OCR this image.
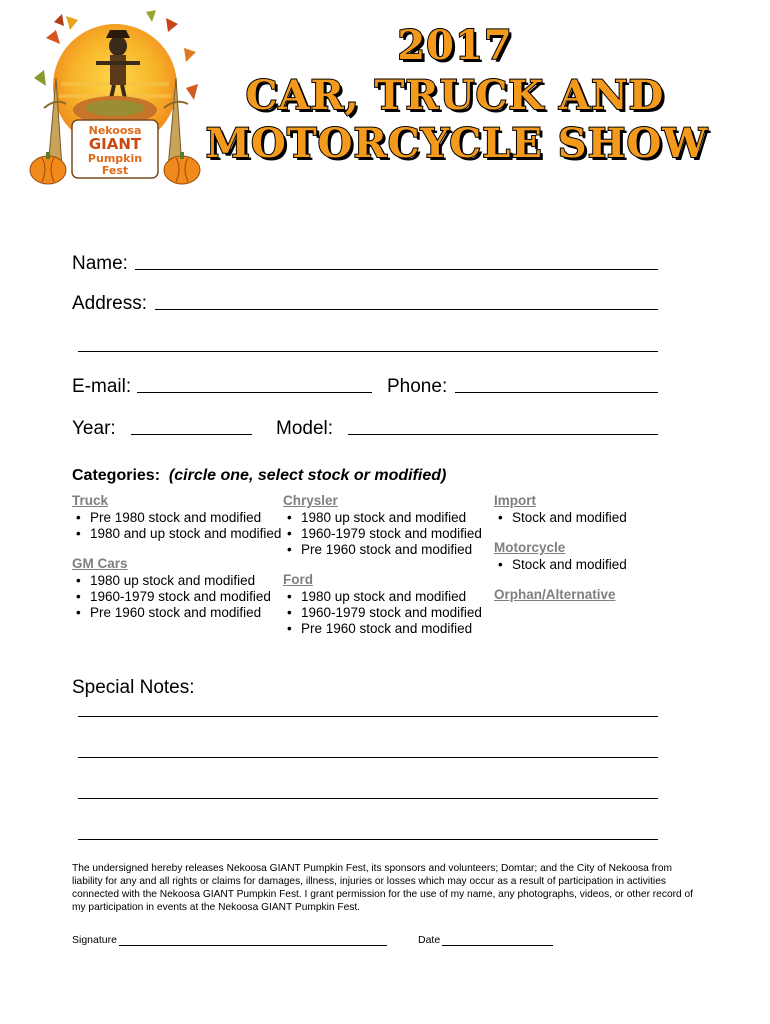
Nekoosa
GIANT
Pumpkin
Fest
2017
CAR, TRUCK AND
MOTORCYCLE SHOW
Name:
Address:
E-mail:	Phone:
Year:	Model:
Categories: (circle one, select stock or modified)
Truck
• Pre 1980 stock and modified
• 1980 and up stock and modified
GM Cars
• 1980 up stock and modified
• 1960-1979 stock and modified
• Pre 1960 stock and modified
Chrysler
• 1980 up stock and modified
• 1960-1979 stock and modified
• Pre 1960 stock and modified
Ford
• 1980 up stock and modified
• 1960-1979 stock and modified
• Pre 1960 stock and modified
Import
• Stock and modified
Motorcycle
• Stock and modified
Orphan/Alternative
Special Notes:
The undersigned hereby releases Nekoosa GIANT Pumpkin Fest, its sponsors and volunteers; Domtar; and the City of Nekoosa from liability for any and all rights or claims for damages, illness, injuries or losses which may occur as a result of participation in activities connected with the Nekoosa GIANT Pumpkin Fest. I grant permission for the use of my name, any photographs, videos, or other record of my participation in events at the Nekoosa GIANT Pumpkin Fest.
Signature	Date
